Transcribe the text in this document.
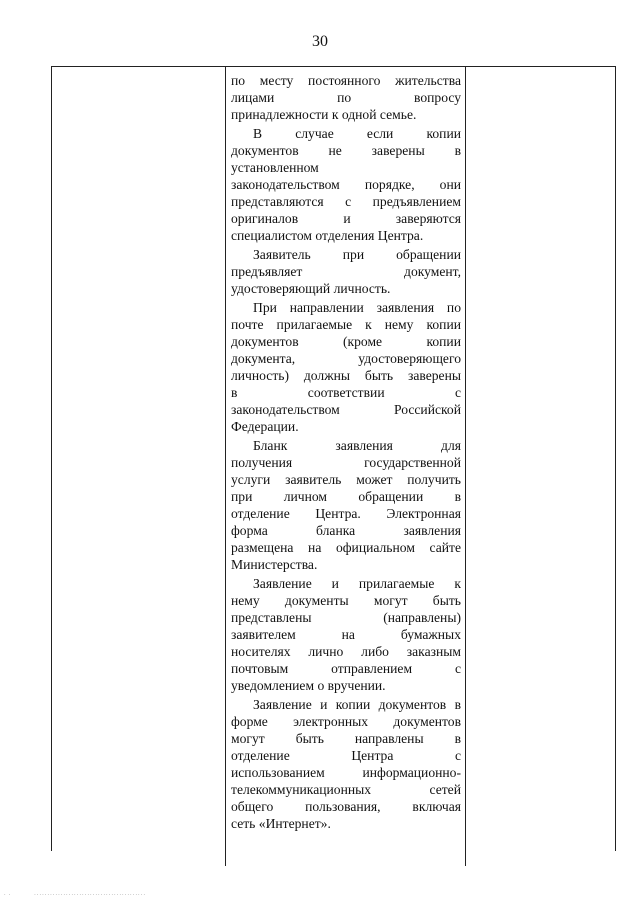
30

по месту постоянного жительства
лицами по вопросу
принадлежности к одной семье.

В случае если копии
документов не заверены в
установленном
законодательством порядке, они
представляются с предъявлением
оригиналов и заверяются
специалистом отделения Центра.

Заявитель при обращении
предъявляет документ,
удостоверяющий личность.

При направлении заявления по
почте прилагаемые к нему копии
документов (кроме копии
документа, удостоверяющего
личность) должны быть заверены
в соответствии с
законодательством Российской
Федерации.

Бланк заявления для
получения государственной
услуги заявитель может получить
при личном обращении в
отделение Центра. Электронная
форма бланка заявления
размещена на официальном сайте
Министерства.

Заявление и прилагаемые к
нему документы могут быть
представлены (направлены)
заявителем на бумажных
носителях лично либо заказным
почтовым отправлением с
уведомлением о вручении.

Заявление и копии документов в
форме электронных документов
могут быть направлены в
отделение Центра с
использованием информационно-
телекоммуникационных сетей
общего пользования, включая
сеть «Интернет».

· ·          ··········································
